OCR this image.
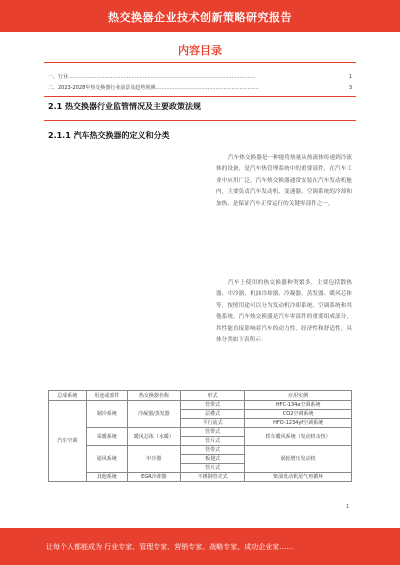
热交换器企业技术创新策略研究报告
内容目录
一、行业......................................................................................................................	1
二、2023-2028年热交换器行业前景及趋势预测.................................................................	3
2.1 热交换器行业监管情况及主要政策法规
2.1.1 汽车热交换器的定义和分类

汽车热交换器是一种能将热量从热流体传递到冷流体的设备，是汽车热管理系统中的重要部件，在汽车工业中应用广泛。汽车热交换器通常安装在汽车发动机舱内，主要负责汽车发动机、变速器、空调系统的冷却和加热，是保证汽车正常运行的关键零部件之一。

汽车上使用的热交换器种类繁多，主要包括散热器、中冷器、机油冷却器、冷凝器、蒸发器、暖风芯体等，按照用途可以分为发动机冷却系统、空调系统和其他系统。汽车热交换器是汽车零部件的重要组成部分，其性能直接影响着汽车的动力性、经济性和舒适性。具体分类如下表所示：

总成系统	用途或部件	热交换器名称	形式	应用实例
汽车空调	制冷系统	冷凝器/蒸发器	管带式	HFC-134a空调系统
			层叠式	CO2空调系统
			平行流式	HFO-1234yf空调系统
	采暖系统	暖风芯体（水暖）	管带式	轿车暖风系统（发动机余热）
			管片式	
	通风系统	中冷器	管带式	涡轮增压发动机
			板翅式	
			管片式	
	其他系统	EGR冷却器	不锈钢管壳式	柴油发动机尾气再循环
1
让每个人都能成为 行业专家、管理专家、营销专家、战略专家、成功企业家……
